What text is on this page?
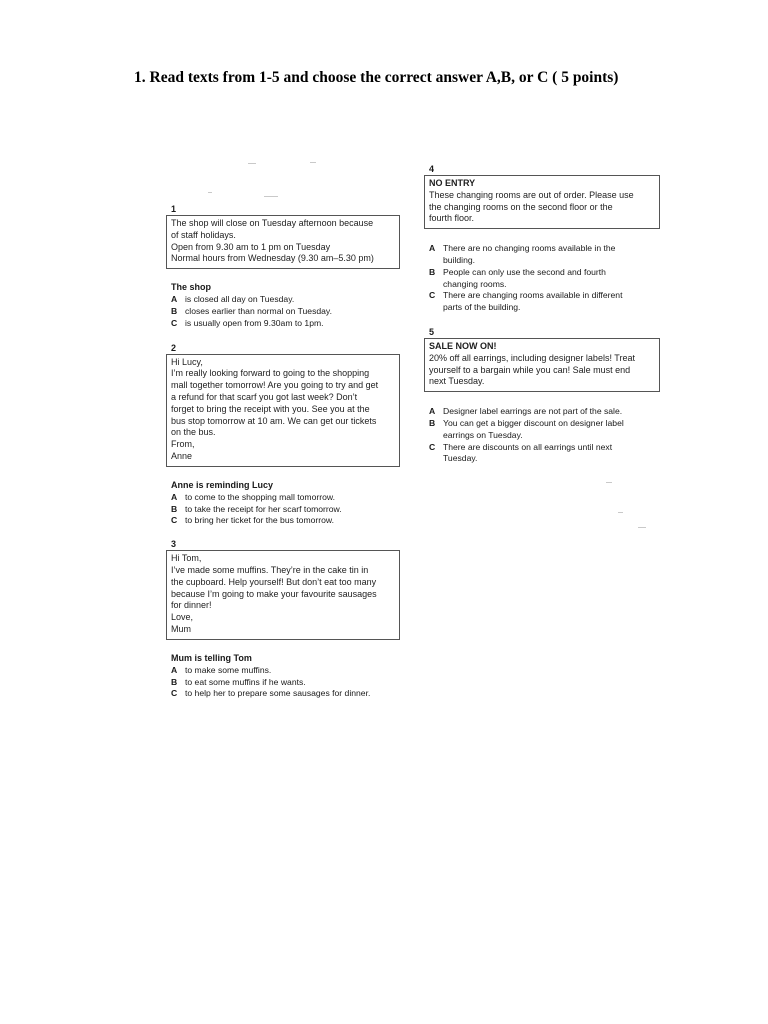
1. Read texts from 1-5 and choose the correct answer A,B, or C ( 5 points)
1
The shop will close on Tuesday afternoon because
of staff holidays.
Open from 9.30 am to 1 pm on Tuesday
Normal hours from Wednesday (9.30 am–5.30 pm)
The shop
A is closed all day on Tuesday.
B closes earlier than normal on Tuesday.
C is usually open from 9.30am to 1pm.
2
Hi Lucy,
I’m really looking forward to going to the shopping
mall together tomorrow! Are you going to try and get
a refund for that scarf you got last week? Don’t
forget to bring the receipt with you. See you at the
bus stop tomorrow at 10 am. We can get our tickets
on the bus.
From,
Anne
Anne is reminding Lucy
A to come to the shopping mall tomorrow.
B to take the receipt for her scarf tomorrow.
C to bring her ticket for the bus tomorrow.
3
Hi Tom,
I’ve made some muffins. They’re in the cake tin in
the cupboard. Help yourself! But don’t eat too many
because I’m going to make your favourite sausages
for dinner!
Love,
Mum
Mum is telling Tom
A to make some muffins.
B to eat some muffins if he wants.
C to help her to prepare some sausages for dinner.
4
NO ENTRY
These changing rooms are out of order. Please use
the changing rooms on the second floor or the
fourth floor.
A There are no changing rooms available in the
building.
B People can only use the second and fourth
changing rooms.
C There are changing rooms available in different
parts of the building.
5
SALE NOW ON!
20% off all earrings, including designer labels! Treat
yourself to a bargain while you can! Sale must end
next Tuesday.
A Designer label earrings are not part of the sale.
B You can get a bigger discount on designer label
earrings on Tuesday.
C There are discounts on all earrings until next
Tuesday.
